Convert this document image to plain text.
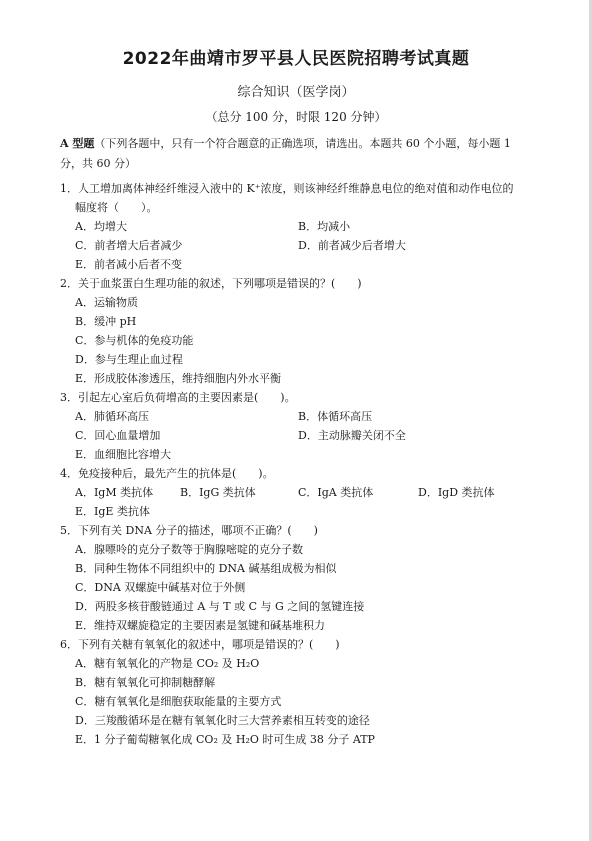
2022年曲靖市罗平县人民医院招聘考试真题
综合知识（医学岗）
（总分 100 分，时限 120 分钟）
A 型题（下列各题中，只有一个符合题意的正确选项，请选出。本题共 60 个小题，每小题 1
分，共 60 分）
1．人工增加离体神经纤维浸入液中的 K⁺浓度，则该神经纤维静息电位的绝对值和动作电位的
幅度将（　　）。
A．均增大	B．均减小
C．前者增大后者减少	D．前者减少后者增大
E．前者减小后者不变
2．关于血浆蛋白生理功能的叙述，下列哪项是错误的？(　　)
A．运输物质
B．缓冲 pH
C．参与机体的免疫功能
D．参与生理止血过程
E．形成胶体渗透压，维持细胞内外水平衡
3．引起左心室后负荷增高的主要因素是(　　)。
A．肺循环高压	B．体循环高压
C．回心血量增加	D．主动脉瓣关闭不全
E．血细胞比容增大
4．免疫接种后，最先产生的抗体是(　　)。
A．IgM 类抗体 B．IgG 类抗体	C．IgA 类抗体	D．IgD 类抗体
E．IgE 类抗体
5．下列有关 DNA 分子的描述，哪项不正确？(　　)
A．腺嘌呤的克分子数等于胸腺嘧啶的克分子数
B．同种生物体不同组织中的 DNA 碱基组成极为相似
C．DNA 双螺旋中碱基对位于外侧
D．两股多核苷酸链通过 A 与 T 或 C 与 G 之间的氢键连接
E．维持双螺旋稳定的主要因素是氢键和碱基堆积力
6．下列有关糖有氧氧化的叙述中，哪项是错误的？(　　)
A．糖有氧氧化的产物是 CO₂ 及 H₂O
B．糖有氧氧化可抑制糖酵解
C．糖有氧氧化是细胞获取能量的主要方式
D．三羧酸循环是在糖有氧氧化时三大营养素相互转变的途径
E．1 分子葡萄糖氧化成 CO₂ 及 H₂O 时可生成 38 分子 ATP
